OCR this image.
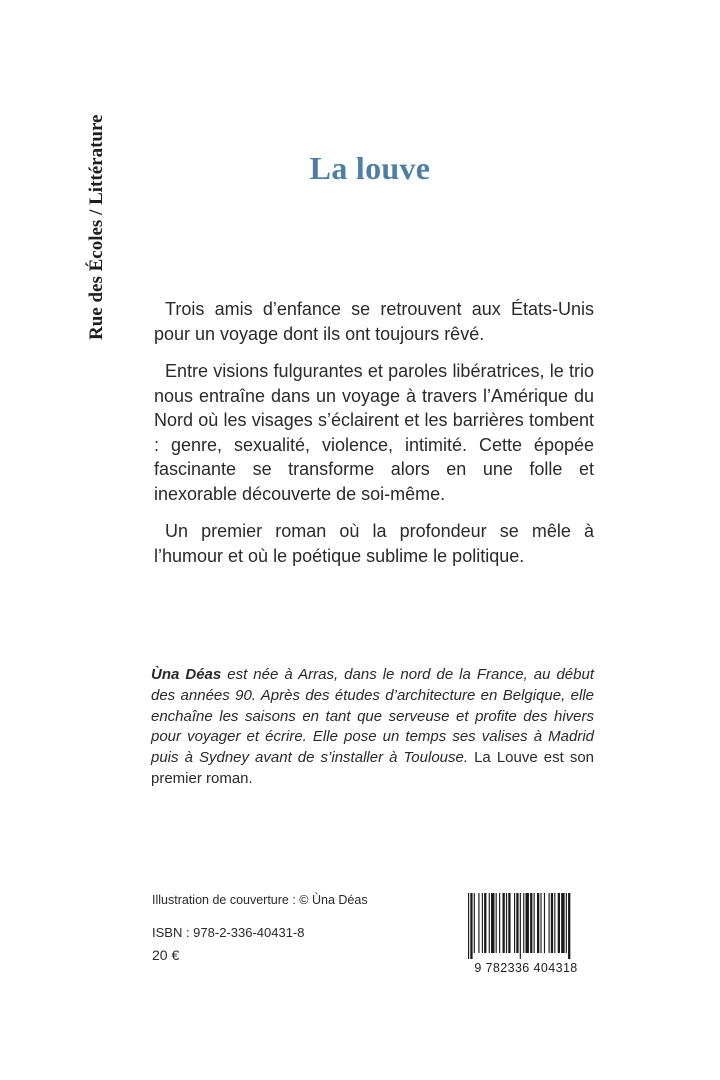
Rue des Écoles / Littérature	La louve

Trois amis d’enfance se retrouvent aux États-Unis pour un voyage dont ils ont toujours rêvé.

Entre visions fulgurantes et paroles libératrices, le trio nous entraîne dans un voyage à travers l’Amérique du Nord où les visages s’éclairent et les barrières tombent : genre, sexualité, violence, intimité. Cette épopée fascinante se transforme alors en une folle et inexorable découverte de soi-même.

Un premier roman où la profondeur se mêle à l’humour et où le poétique sublime le politique.

Ùna Déas est née à Arras, dans le nord de la France, au début des années 90. Après des études d’architecture en Belgique, elle enchaîne les saisons en tant que serveuse et profite des hivers pour voyager et écrire. Elle pose un temps ses valises à Madrid puis à Sydney avant de s’installer à Toulouse. La Louve est son premier roman.
Illustration de couverture : © Ùna Déas
ISBN : 978-2-336-40431-8
20 €
9 782336 404318
